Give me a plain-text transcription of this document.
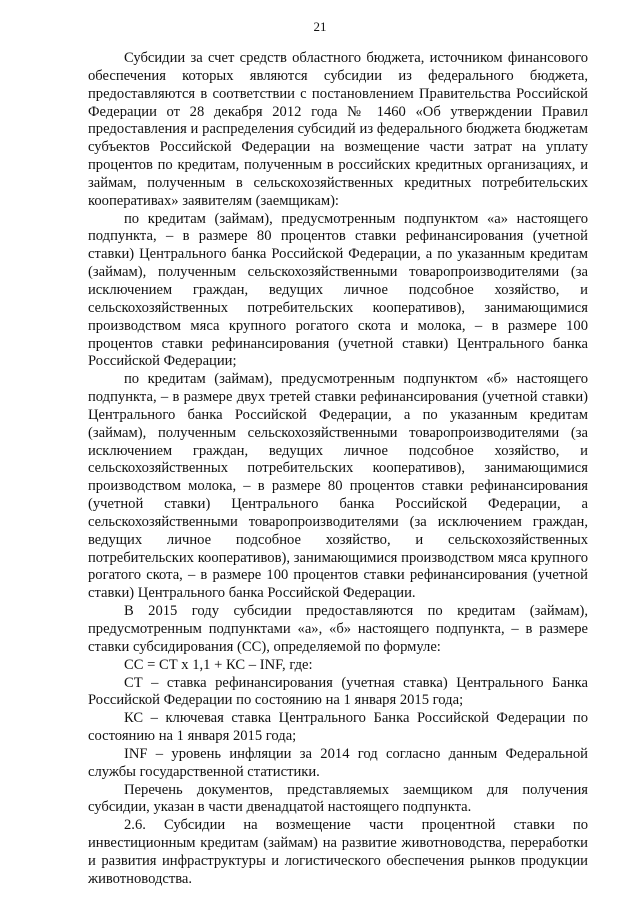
21

Субсидии за счет средств областного бюджета, источником финансового обеспечения которых являются субсидии из федерального бюджета, предоставляются в соответствии с постановлением Правительства Российской Федерации от 28 декабря 2012 года № 1460 «Об утверждении Правил предоставления и распределения субсидий из федерального бюджета бюджетам субъектов Российской Федерации на возмещение части затрат на уплату процентов по кредитам, полученным в российских кредитных организациях, и займам, полученным в сельскохозяйственных кредитных потребительских кооперативах» заявителям (заемщикам):

по кредитам (займам), предусмотренным подпунктом «а» настоящего подпункта, – в размере 80 процентов ставки рефинансирования (учетной ставки) Центрального банка Российской Федерации, а по указанным кредитам (займам), полученным сельскохозяйственными товаропроизводителями (за исключением граждан, ведущих личное подсобное хозяйство, и сельскохозяйственных потребительских кооперативов), занимающимися производством мяса крупного рогатого скота и молока, – в размере 100 процентов ставки рефинансирования (учетной ставки) Центрального банка Российской Федерации;

по кредитам (займам), предусмотренным подпунктом «б» настоящего подпункта, – в размере двух третей ставки рефинансирования (учетной ставки) Центрального банка Российской Федерации, а по указанным кредитам (займам), полученным сельскохозяйственными товаропроизводителями (за исключением граждан, ведущих личное подсобное хозяйство, и сельскохозяйственных потребительских кооперативов), занимающимися производством молока, – в размере 80 процентов ставки рефинансирования (учетной ставки) Центрального банка Российской Федерации, а сельскохозяйственными товаропроизводителями (за исключением граждан, ведущих личное подсобное хозяйство, и сельскохозяйственных потребительских кооперативов), занимающимися производством мяса крупного рогатого скота, – в размере 100 процентов ставки рефинансирования (учетной ставки) Центрального банка Российской Федерации.

В 2015 году субсидии предоставляются по кредитам (займам), предусмотренным подпунктами «а», «б» настоящего подпункта, – в размере ставки субсидирования (СС), определяемой по формуле:

СС = СТ х 1,1 + КС – INF, где:

СТ – ставка рефинансирования (учетная ставка) Центрального Банка Российской Федерации по состоянию на 1 января 2015 года;

КС – ключевая ставка Центрального Банка Российской Федерации по состоянию на 1 января 2015 года;

INF – уровень инфляции за 2014 год согласно данным Федеральной службы государственной статистики.

Перечень документов, представляемых заемщиком для получения субсидии, указан в части двенадцатой настоящего подпункта.

2.6. Субсидии на возмещение части процентной ставки по инвестиционным кредитам (займам) на развитие животноводства, переработки и развития инфраструктуры и логистического обеспечения рынков продукции животноводства.
